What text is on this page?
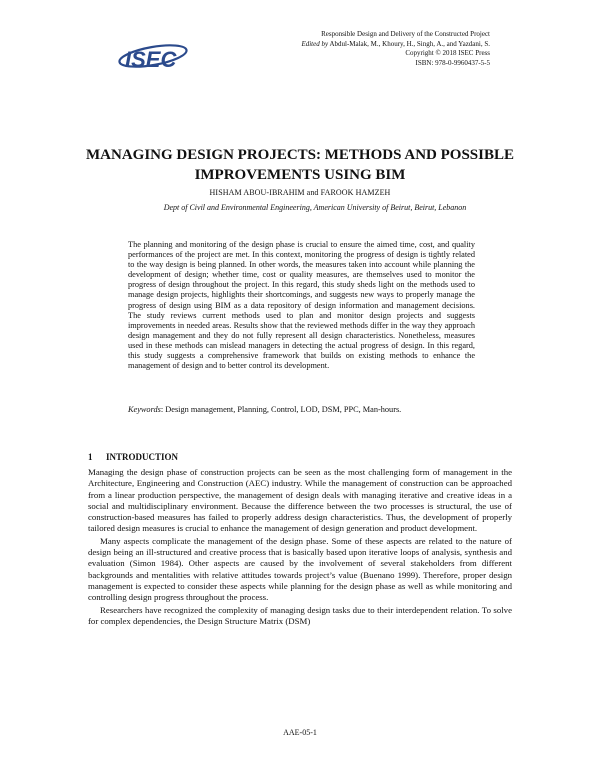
ISEC
Responsible Design and Delivery of the Constructed Project
Edited by Abdul-Malak, M., Khoury, H., Singh, A., and Yazdani, S.
Copyright © 2018 ISEC Press
ISBN: 978-0-9960437-5-5
MANAGING DESIGN PROJECTS: METHODS AND POSSIBLE IMPROVEMENTS USING BIM
HISHAM ABOU-IBRAHIM and FAROOK HAMZEH
Dept of Civil and Environmental Engineering, American University of Beirut, Beirut, Lebanon

The planning and monitoring of the design phase is crucial to ensure the aimed time, cost, and quality performances of the project are met. In this context, monitoring the progress of design is tightly related to the way design is being planned. In other words, the measures taken into account while planning the development of design; whether time, cost or quality measures, are themselves used to monitor the progress of design throughout the project. In this regard, this study sheds light on the methods used to manage design projects, highlights their shortcomings, and suggests new ways to properly manage the progress of design using BIM as a data repository of design information and management decisions. The study reviews current methods used to plan and monitor design projects and suggests improvements in needed areas. Results show that the reviewed methods differ in the way they approach design management and they do not fully represent all design characteristics. Nonetheless, measures used in these methods can mislead managers in detecting the actual progress of design. In this regard, this study suggests a comprehensive framework that builds on existing methods to enhance the management of design and to better control its development.

Keywords: Design management, Planning, Control, LOD, DSM, PPC, Man-hours.

1 INTRODUCTION

Managing the design phase of construction projects can be seen as the most challenging form of management in the Architecture, Engineering and Construction (AEC) industry. While the management of construction can be approached from a linear production perspective, the management of design deals with managing iterative and creative ideas in a social and multidisciplinary environment. Because the difference between the two processes is structural, the use of construction-based measures has failed to properly address design characteristics. Thus, the development of properly tailored design measures is crucial to enhance the management of design generation and product development.

Many aspects complicate the management of the design phase. Some of these aspects are related to the nature of design being an ill-structured and creative process that is basically based upon iterative loops of analysis, synthesis and evaluation (Simon 1984). Other aspects are caused by the involvement of several stakeholders from different backgrounds and mentalities with relative attitudes towards project’s value (Buenano 1999). Therefore, proper design management is expected to consider these aspects while planning for the design phase as well as while monitoring and controlling design progress throughout the process.

Researchers have recognized the complexity of managing design tasks due to their interdependent relation. To solve for complex dependencies, the Design Structure Matrix (DSM)

AAE-05-1
